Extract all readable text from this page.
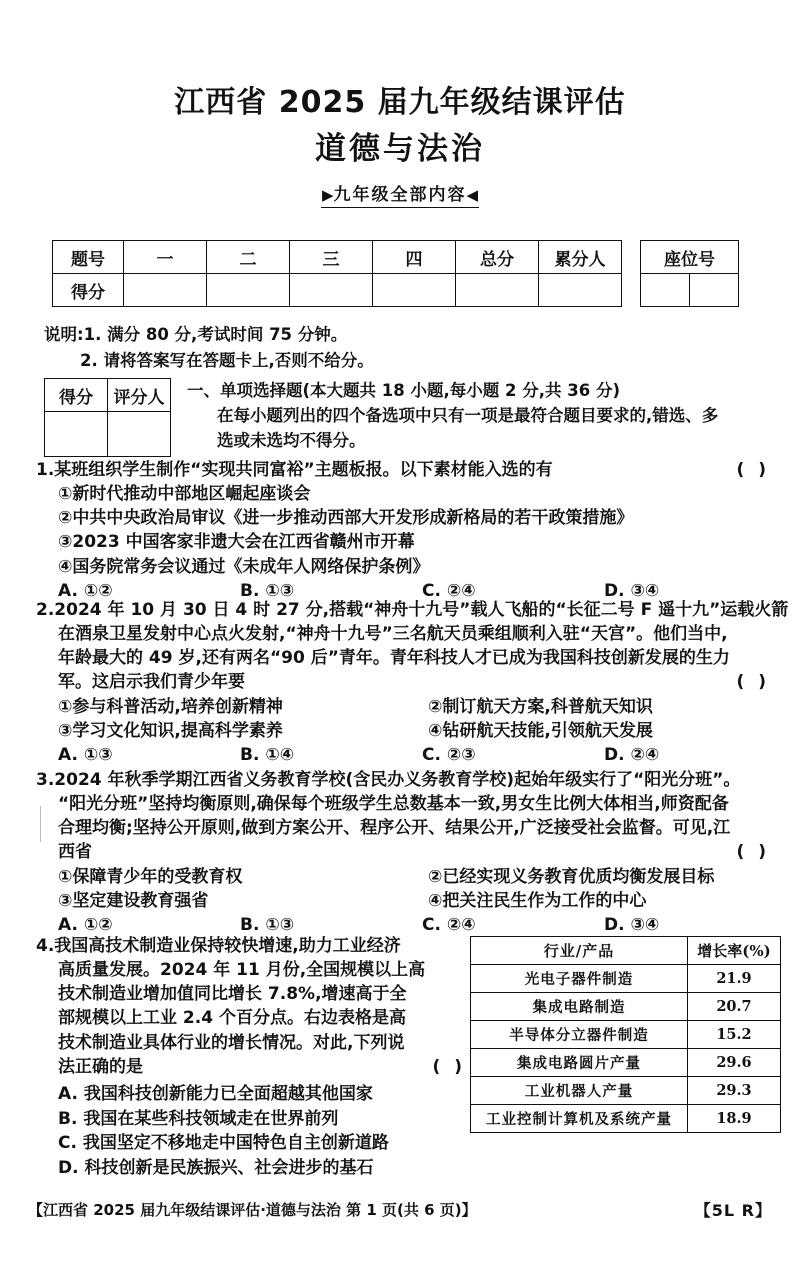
江西省 2025 届九年级结课评估
道德与法治
▶九年级全部内容◀
题号	一	二	三	四	总分	累分人
得分						
座位号

说明:1. 满分 80 分,考试时间 75 分钟。
2. 请将答案写在答题卡上,否则不给分。
得分	评分人
	一、单项选择题(本大题共 18 小题,每小题 2 分,共 36 分)
在每小题列出的四个备选项中只有一项是最符合题目要求的,错选、多
选或未选均不得分。
1.某班组织学生制作“实现共同富裕”主题板报。以下素材能入选的有	( )
①新时代推动中部地区崛起座谈会
②中共中央政治局审议《进一步推动西部大开发形成新格局的若干政策措施》
③2023 中国客家非遗大会在江西省赣州市开幕
④国务院常务会议通过《未成年人网络保护条例》
A. ①②	B. ①③	C. ②④	D. ③④
2.2024 年 10 月 30 日 4 时 27 分,搭载“神舟十九号”载人飞船的“长征二号 F 遥十九”运载火箭
在酒泉卫星发射中心点火发射,“神舟十九号”三名航天员乘组顺利入驻“天宫”。他们当中,
年龄最大的 49 岁,还有两名“90 后”青年。青年科技人才已成为我国科技创新发展的生力
军。这启示我们青少年要	( )
①参与科普活动,培养创新精神	②制订航天方案,科普航天知识
③学习文化知识,提高科学素养	④钻研航天技能,引领航天发展
A. ①③	B. ①④	C. ②③	D. ②④
3.2024 年秋季学期江西省义务教育学校(含民办义务教育学校)起始年级实行了“阳光分班”。
“阳光分班”坚持均衡原则,确保每个班级学生总数基本一致,男女生比例大体相当,师资配备
合理均衡;坚持公开原则,做到方案公开、程序公开、结果公开,广泛接受社会监督。可见,江
西省	( )
①保障青少年的受教育权	②已经实现义务教育优质均衡发展目标
③坚定建设教育强省	④把关注民生作为工作的中心
A. ①②	B. ①③	C. ②④	D. ③④
4.我国高技术制造业保持较快增速,助力工业经济
高质量发展。2024 年 11 月份,全国规模以上高
技术制造业增加值同比增长 7.8%,增速高于全
部规模以上工业 2.4 个百分点。右边表格是高
技术制造业具体行业的增长情况。对此,下列说
法正确的是	( )
A. 我国科技创新能力已全面超越其他国家
B. 我国在某些科技领域走在世界前列
C. 我国坚定不移地走中国特色自主创新道路
D. 科技创新是民族振兴、社会进步的基石
行业/产品	增长率(%)
光电子器件制造	21.9
集成电路制造	20.7
半导体分立器件制造	15.2
集成电路圆片产量	29.6
工业机器人产量	29.3
工业控制计算机及系统产量	18.9
【江西省 2025 届九年级结课评估·道德与法治 第 1 页(共 6 页)】	【5L R】
